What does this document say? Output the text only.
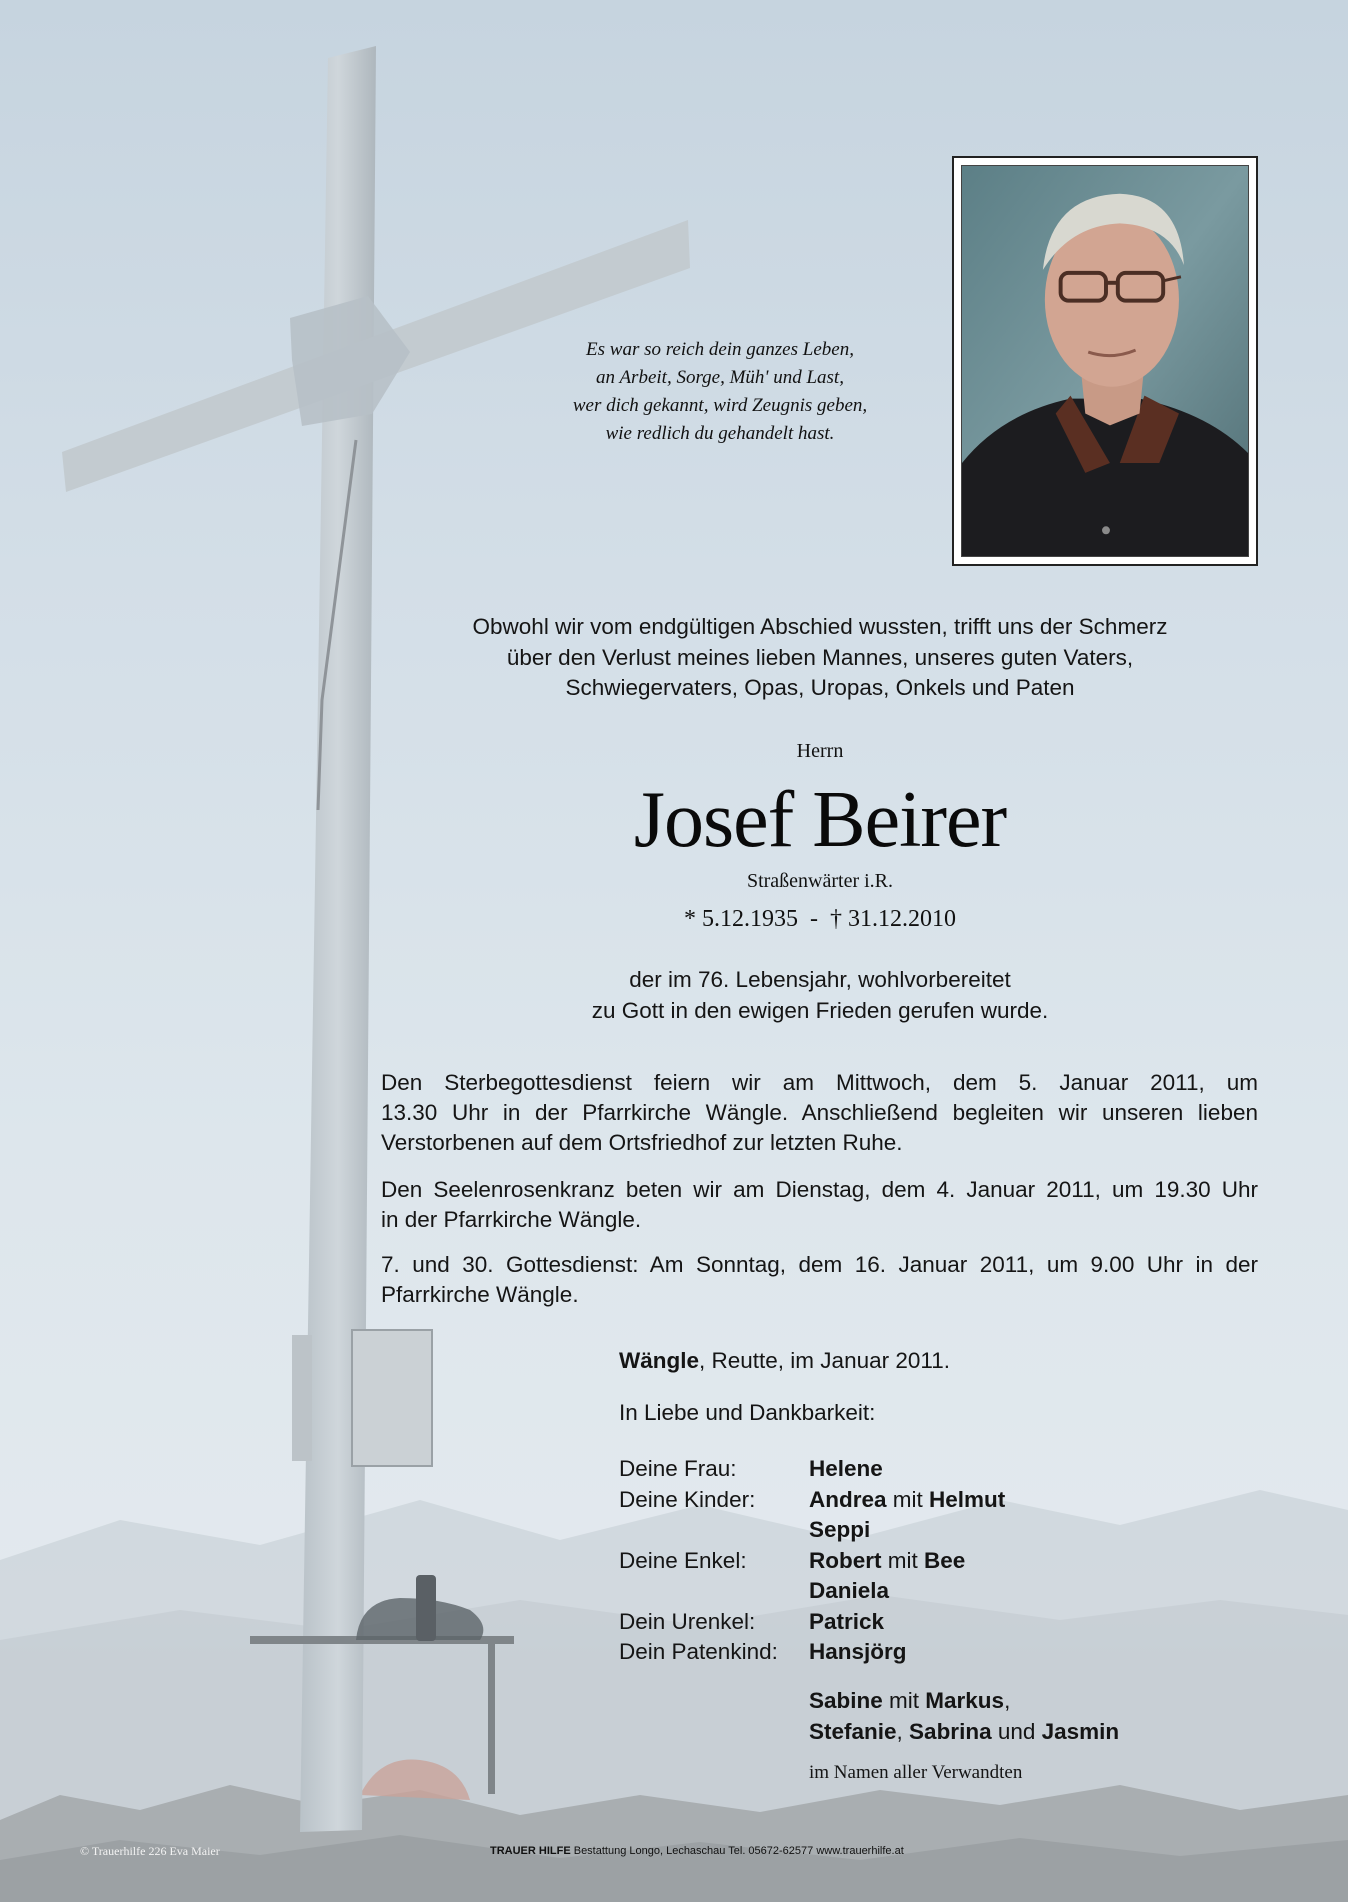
Es war so reich dein ganzes Leben,
an Arbeit, Sorge, Müh' und Last,
wer dich gekannt, wird Zeugnis geben,
wie redlich du gehandelt hast.
Obwohl wir vom endgültigen Abschied wussten, trifft uns der Schmerz
über den Verlust meines lieben Mannes, unseres guten Vaters,
Schwiegervaters, Opas, Uropas, Onkels und Paten
Herrn
Josef Beirer
Straßenwärter i.R.
* 5.12.1935  -  † 31.12.2010
der im 76. Lebensjahr, wohlvorbereitet
zu Gott in den ewigen Frieden gerufen wurde.
Den Sterbegottesdienst feiern wir am Mittwoch, dem 5. Januar 2011, um
13.30 Uhr in der Pfarrkirche Wängle. Anschließend begleiten wir unseren lieben
Verstorbenen auf dem Ortsfriedhof zur letzten Ruhe.
Den Seelenrosenkranz beten wir am Dienstag, dem 4. Januar 2011, um 19.30 Uhr
in der Pfarrkirche Wängle.
7. und 30. Gottesdienst: Am Sonntag, dem 16. Januar 2011, um 9.00 Uhr in der
Pfarrkirche Wängle.
Wängle, Reutte, im Januar 2011.
In Liebe und Dankbarkeit:
Deine Frau:	Helene
Deine Kinder: Andrea mit Helmut
Seppi
Deine Enkel:	Robert mit Bee
Daniela
Dein Urenkel: Patrick
Dein Patenkind: Hansjörg
Sabine mit Markus,
Stefanie, Sabrina und Jasmin
im Namen aller Verwandten
© Trauerhilfe 226 Eva Maier	TRAUER HILFE Bestattung Longo, Lechaschau Tel. 05672-62577 www.trauerhilfe.at
